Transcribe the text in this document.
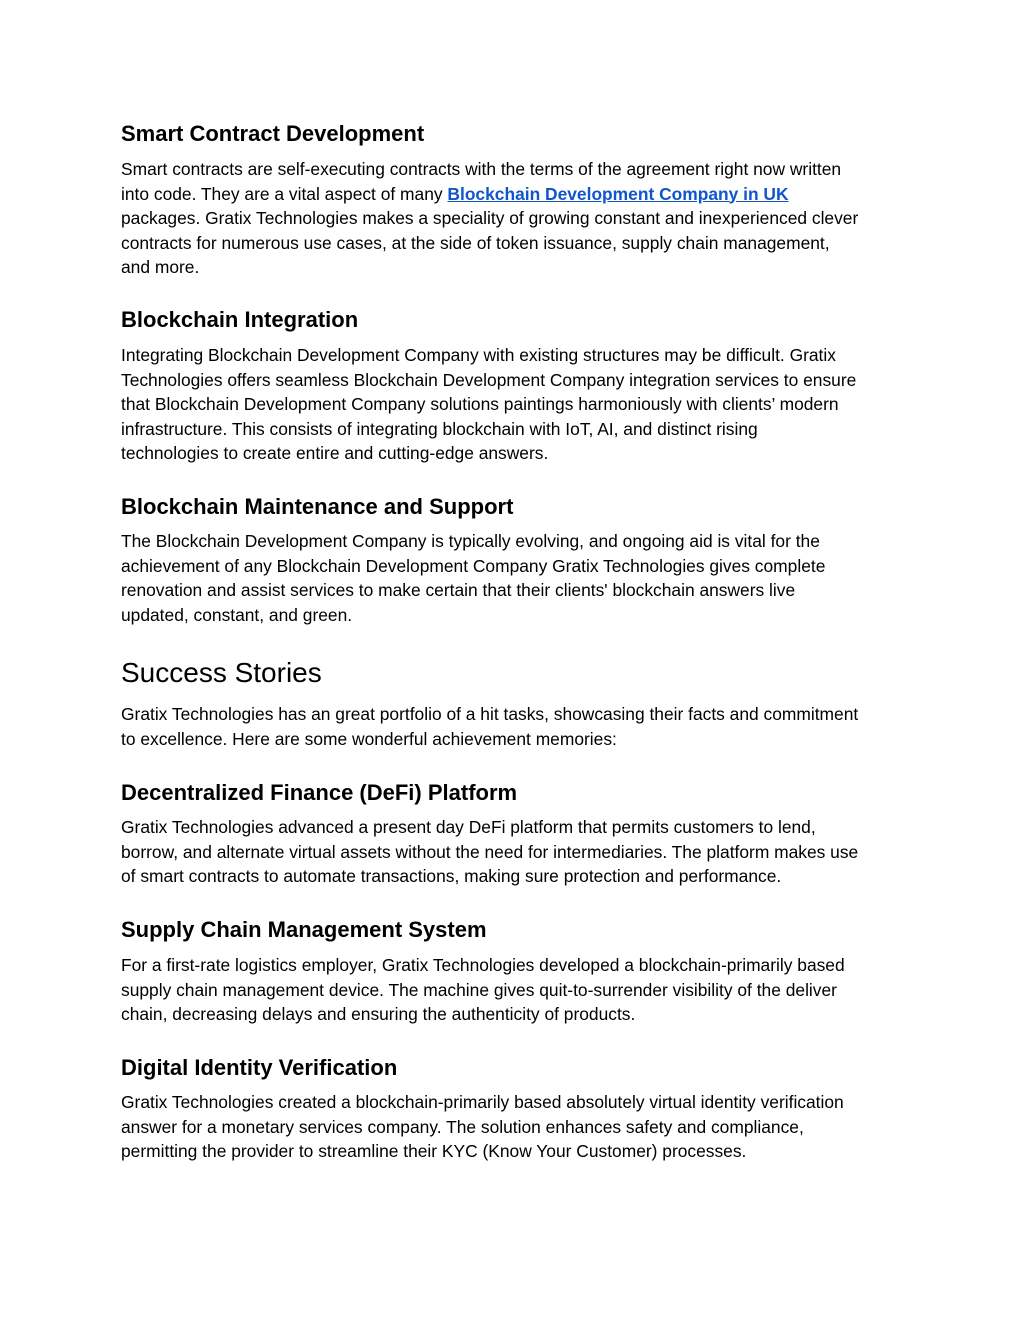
Smart Contract Development

Smart contracts are self-executing contracts with the terms of the agreement right now written
into code. They are a vital aspect of many Blockchain Development Company in UK
packages. Gratix Technologies makes a speciality of growing constant and inexperienced clever
contracts for numerous use cases, at the side of token issuance, supply chain management,
and more.

Blockchain Integration

Integrating Blockchain Development Company with existing structures may be difficult. Gratix
Technologies offers seamless Blockchain Development Company integration services to ensure
that Blockchain Development Company solutions paintings harmoniously with clients’ modern
infrastructure. This consists of integrating blockchain with IoT, AI, and distinct rising
technologies to create entire and cutting-edge answers.

Blockchain Maintenance and Support

The Blockchain Development Company is typically evolving, and ongoing aid is vital for the
achievement of any Blockchain Development Company Gratix Technologies gives complete
renovation and assist services to make certain that their clients' blockchain answers live
updated, constant, and green.

Success Stories

Gratix Technologies has an great portfolio of a hit tasks, showcasing their facts and commitment
to excellence. Here are some wonderful achievement memories:

Decentralized Finance (DeFi) Platform

Gratix Technologies advanced a present day DeFi platform that permits customers to lend,
borrow, and alternate virtual assets without the need for intermediaries. The platform makes use
of smart contracts to automate transactions, making sure protection and performance.

Supply Chain Management System

For a first-rate logistics employer, Gratix Technologies developed a blockchain-primarily based
supply chain management device. The machine gives quit-to-surrender visibility of the deliver
chain, decreasing delays and ensuring the authenticity of products.

Digital Identity Verification

Gratix Technologies created a blockchain-primarily based absolutely virtual identity verification
answer for a monetary services company. The solution enhances safety and compliance,
permitting the provider to streamline their KYC (Know Your Customer) processes.
